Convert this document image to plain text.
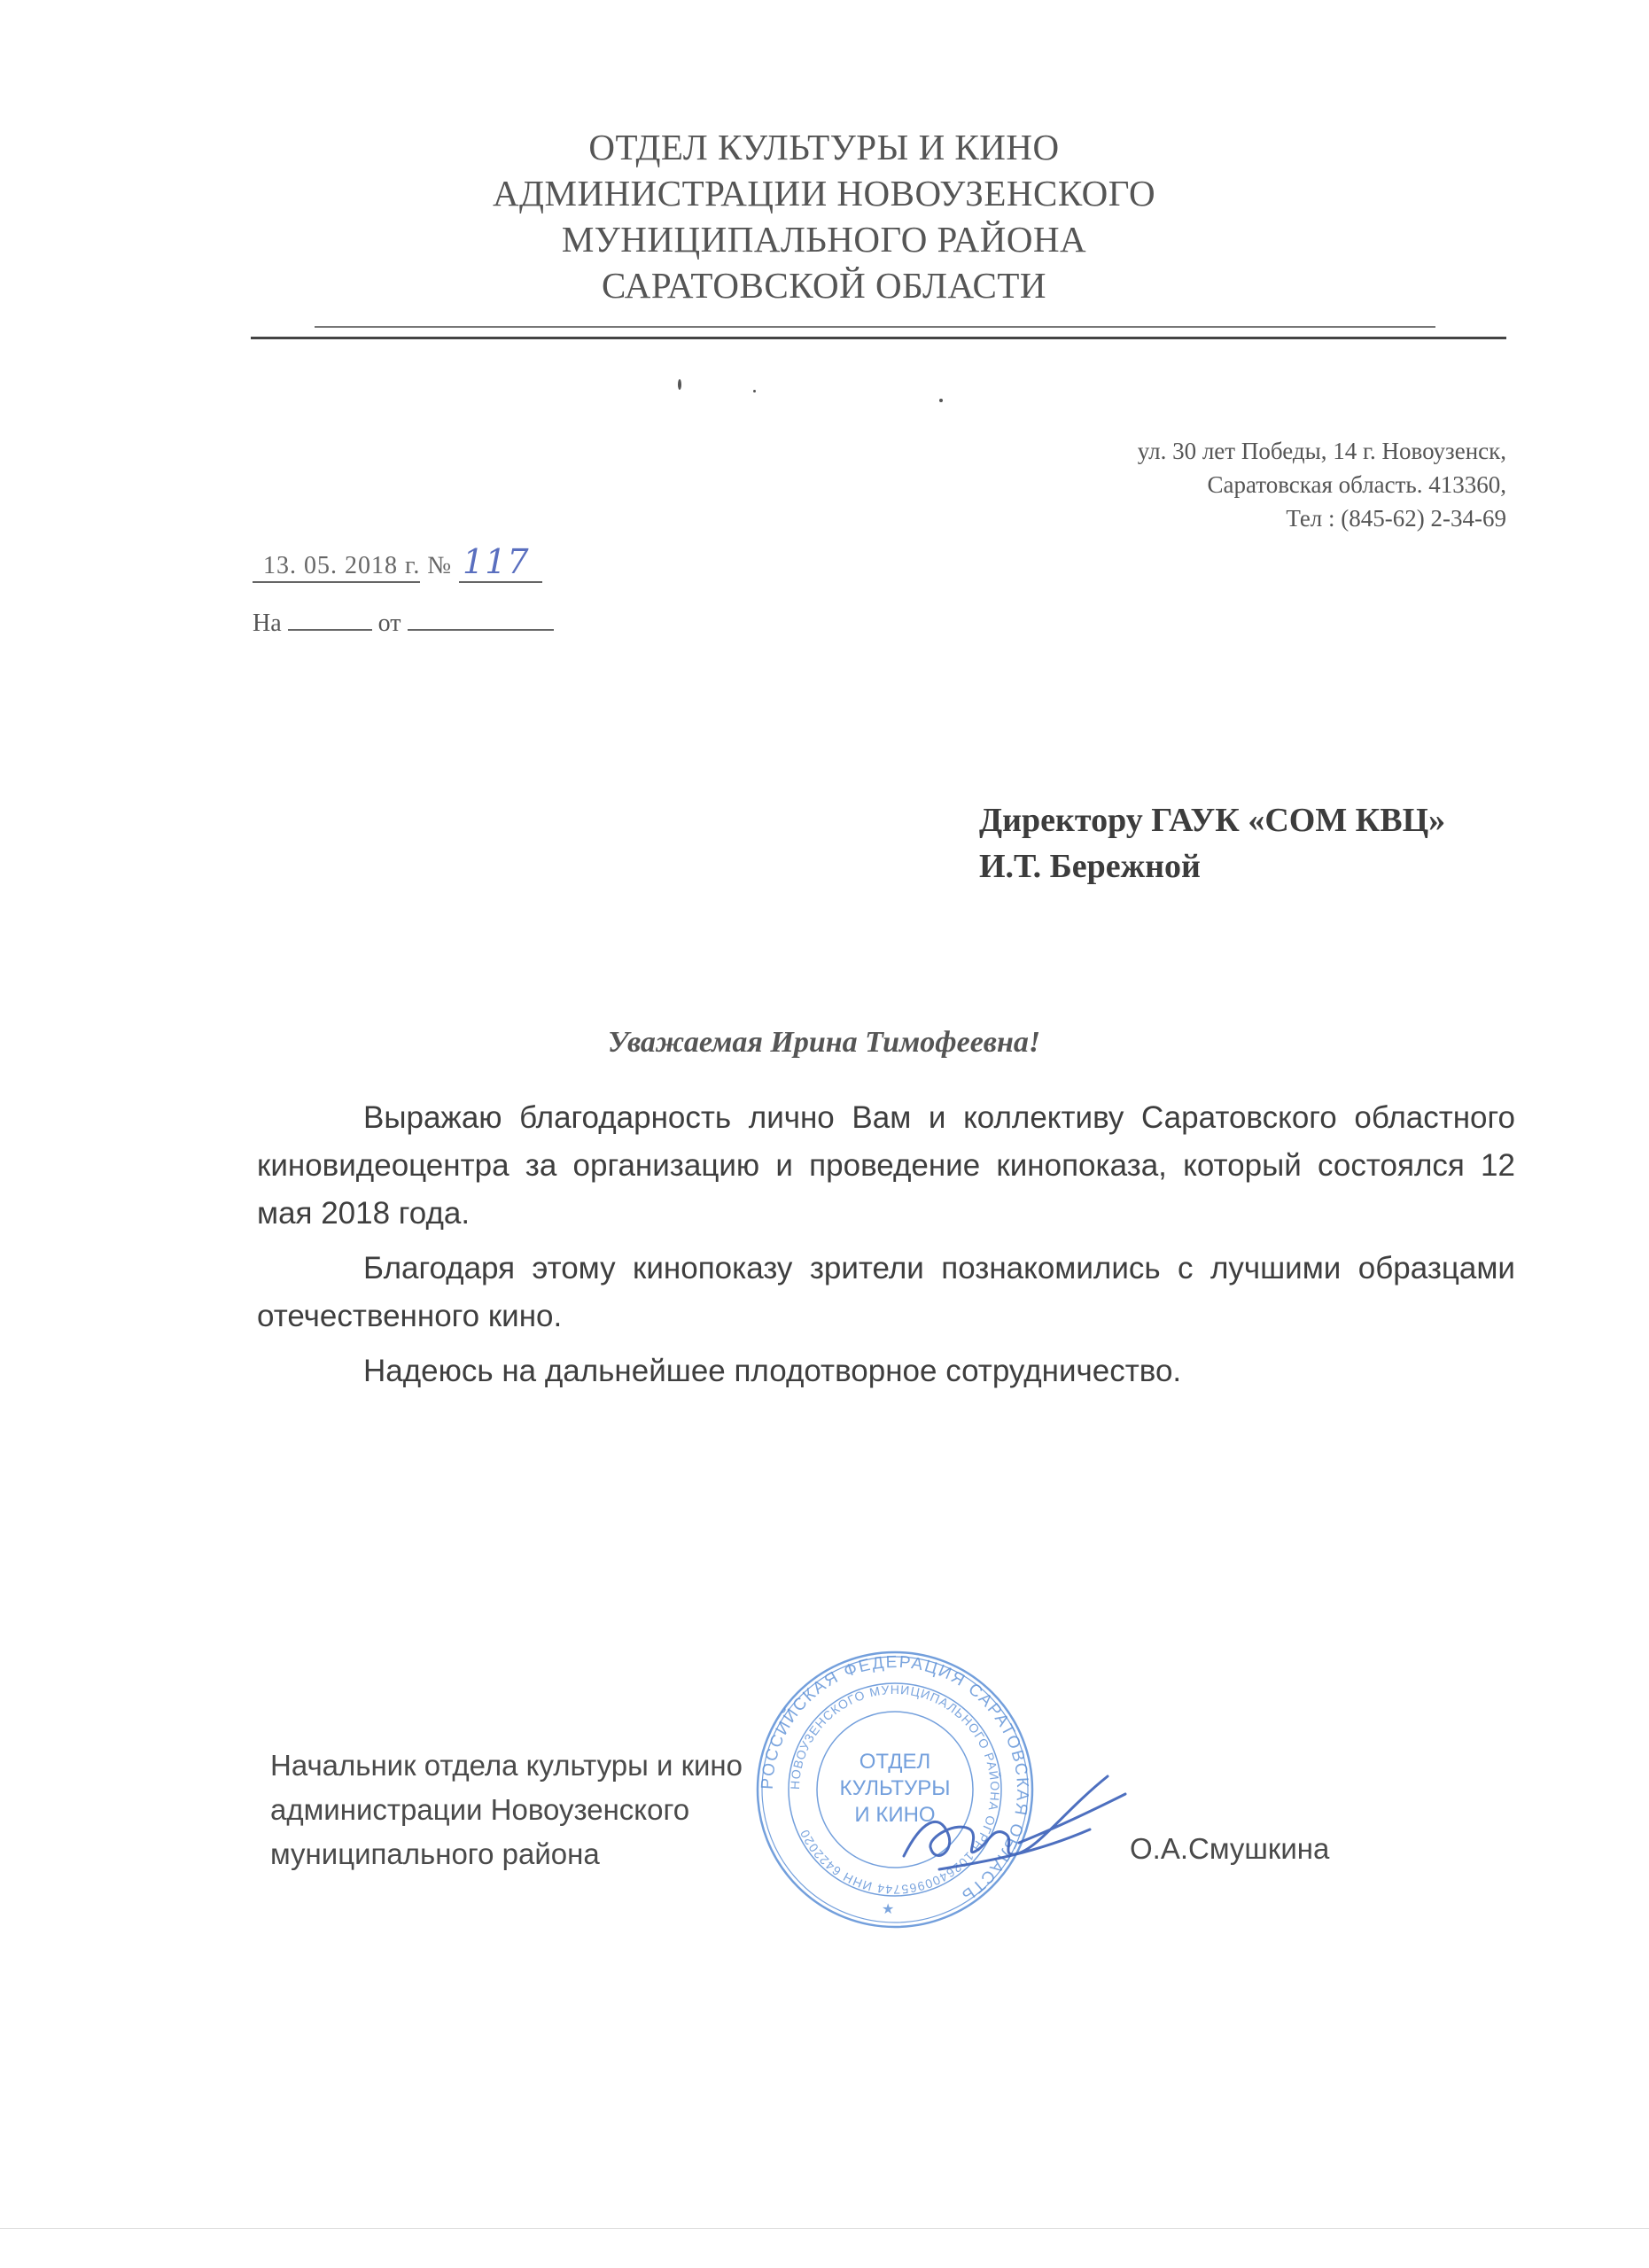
ОТДЕЛ КУЛЬТУРЫ И КИНО
АДМИНИСТРАЦИИ НОВОУЗЕНСКОГО
МУНИЦИПАЛЬНОГО РАЙОНА
САРАТОВСКОЙ ОБЛАСТИ
ул. 30 лет Победы, 14 г. Новоузенск,
Саратовская область. 413360,
Тел : (845-62) 2-34-69
13. 05. 2018 г. № 117
На	от
Директору ГАУК «СОМ КВЦ»
И.Т. Бережной
Уважаемая Ирина Тимофеевна!

Выражаю благодарность лично Вам и коллективу Саратовского областного киновидеоцентра за организацию и проведение кинопоказа, который состоялся 12 мая 2018 года.

Благодаря этому кинопоказу зрители познакомились с лучшими образцами отечественного кино.

Надеюсь на дальнейшее плодотворное сотрудничество.

Начальник отдела культуры и кино
администрации Новоузенского
муниципального района
РОССИЙСКАЯ ФЕДЕРАЦИЯ САРАТОВСКАЯ ОБЛАСТЬ
НОВОУЗЕНСКОГО МУНИЦИПАЛЬНОГО РАЙОНА ОГРН 1026400965744 ИНН 6422020
ОТДЕЛ
КУЛЬТУРЫ
И КИНО
★
О.А.Смушкина
